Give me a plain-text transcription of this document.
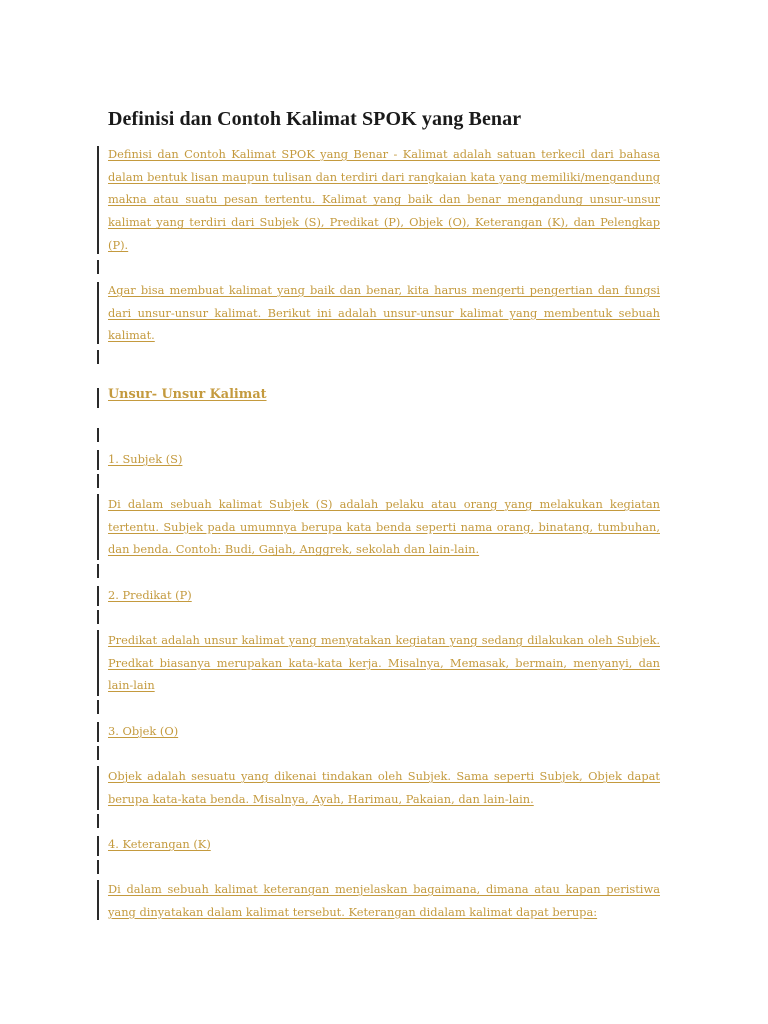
Definisi dan Contoh Kalimat SPOK yang Benar

Definisi dan Contoh Kalimat SPOK yang Benar - Kalimat adalah satuan terkecil dari bahasa dalam bentuk lisan maupun tulisan dan terdiri dari rangkaian kata yang memiliki/mengandung makna atau suatu pesan tertentu. Kalimat yang baik dan benar mengandung unsur-unsur kalimat yang terdiri dari Subjek (S), Predikat (P), Objek (O), Keterangan (K), dan Pelengkap (P).

Agar bisa membuat kalimat yang baik dan benar, kita harus mengerti pengertian dan fungsi dari unsur-unsur kalimat. Berikut ini adalah unsur-unsur kalimat yang membentuk sebuah kalimat.

Unsur- Unsur Kalimat

1. Subjek (S)

Di dalam sebuah kalimat Subjek (S) adalah pelaku atau orang yang melakukan kegiatan tertentu. Subjek pada umumnya berupa kata benda seperti nama orang, binatang, tumbuhan, dan benda. Contoh: Budi, Gajah, Anggrek, sekolah dan lain-lain.

2. Predikat (P)

Predikat adalah unsur kalimat yang menyatakan kegiatan yang sedang dilakukan oleh Subjek. Predkat biasanya merupakan kata-kata kerja. Misalnya, Memasak, bermain, menyanyi, dan lain-lain

3. Objek (O)

Objek adalah sesuatu yang dikenai tindakan oleh Subjek. Sama seperti Subjek, Objek dapat berupa kata-kata benda. Misalnya, Ayah, Harimau, Pakaian, dan lain-lain.

4. Keterangan (K)

Di dalam sebuah kalimat keterangan menjelaskan bagaimana, dimana atau kapan peristiwa yang dinyatakan dalam kalimat tersebut. Keterangan didalam kalimat dapat berupa:
